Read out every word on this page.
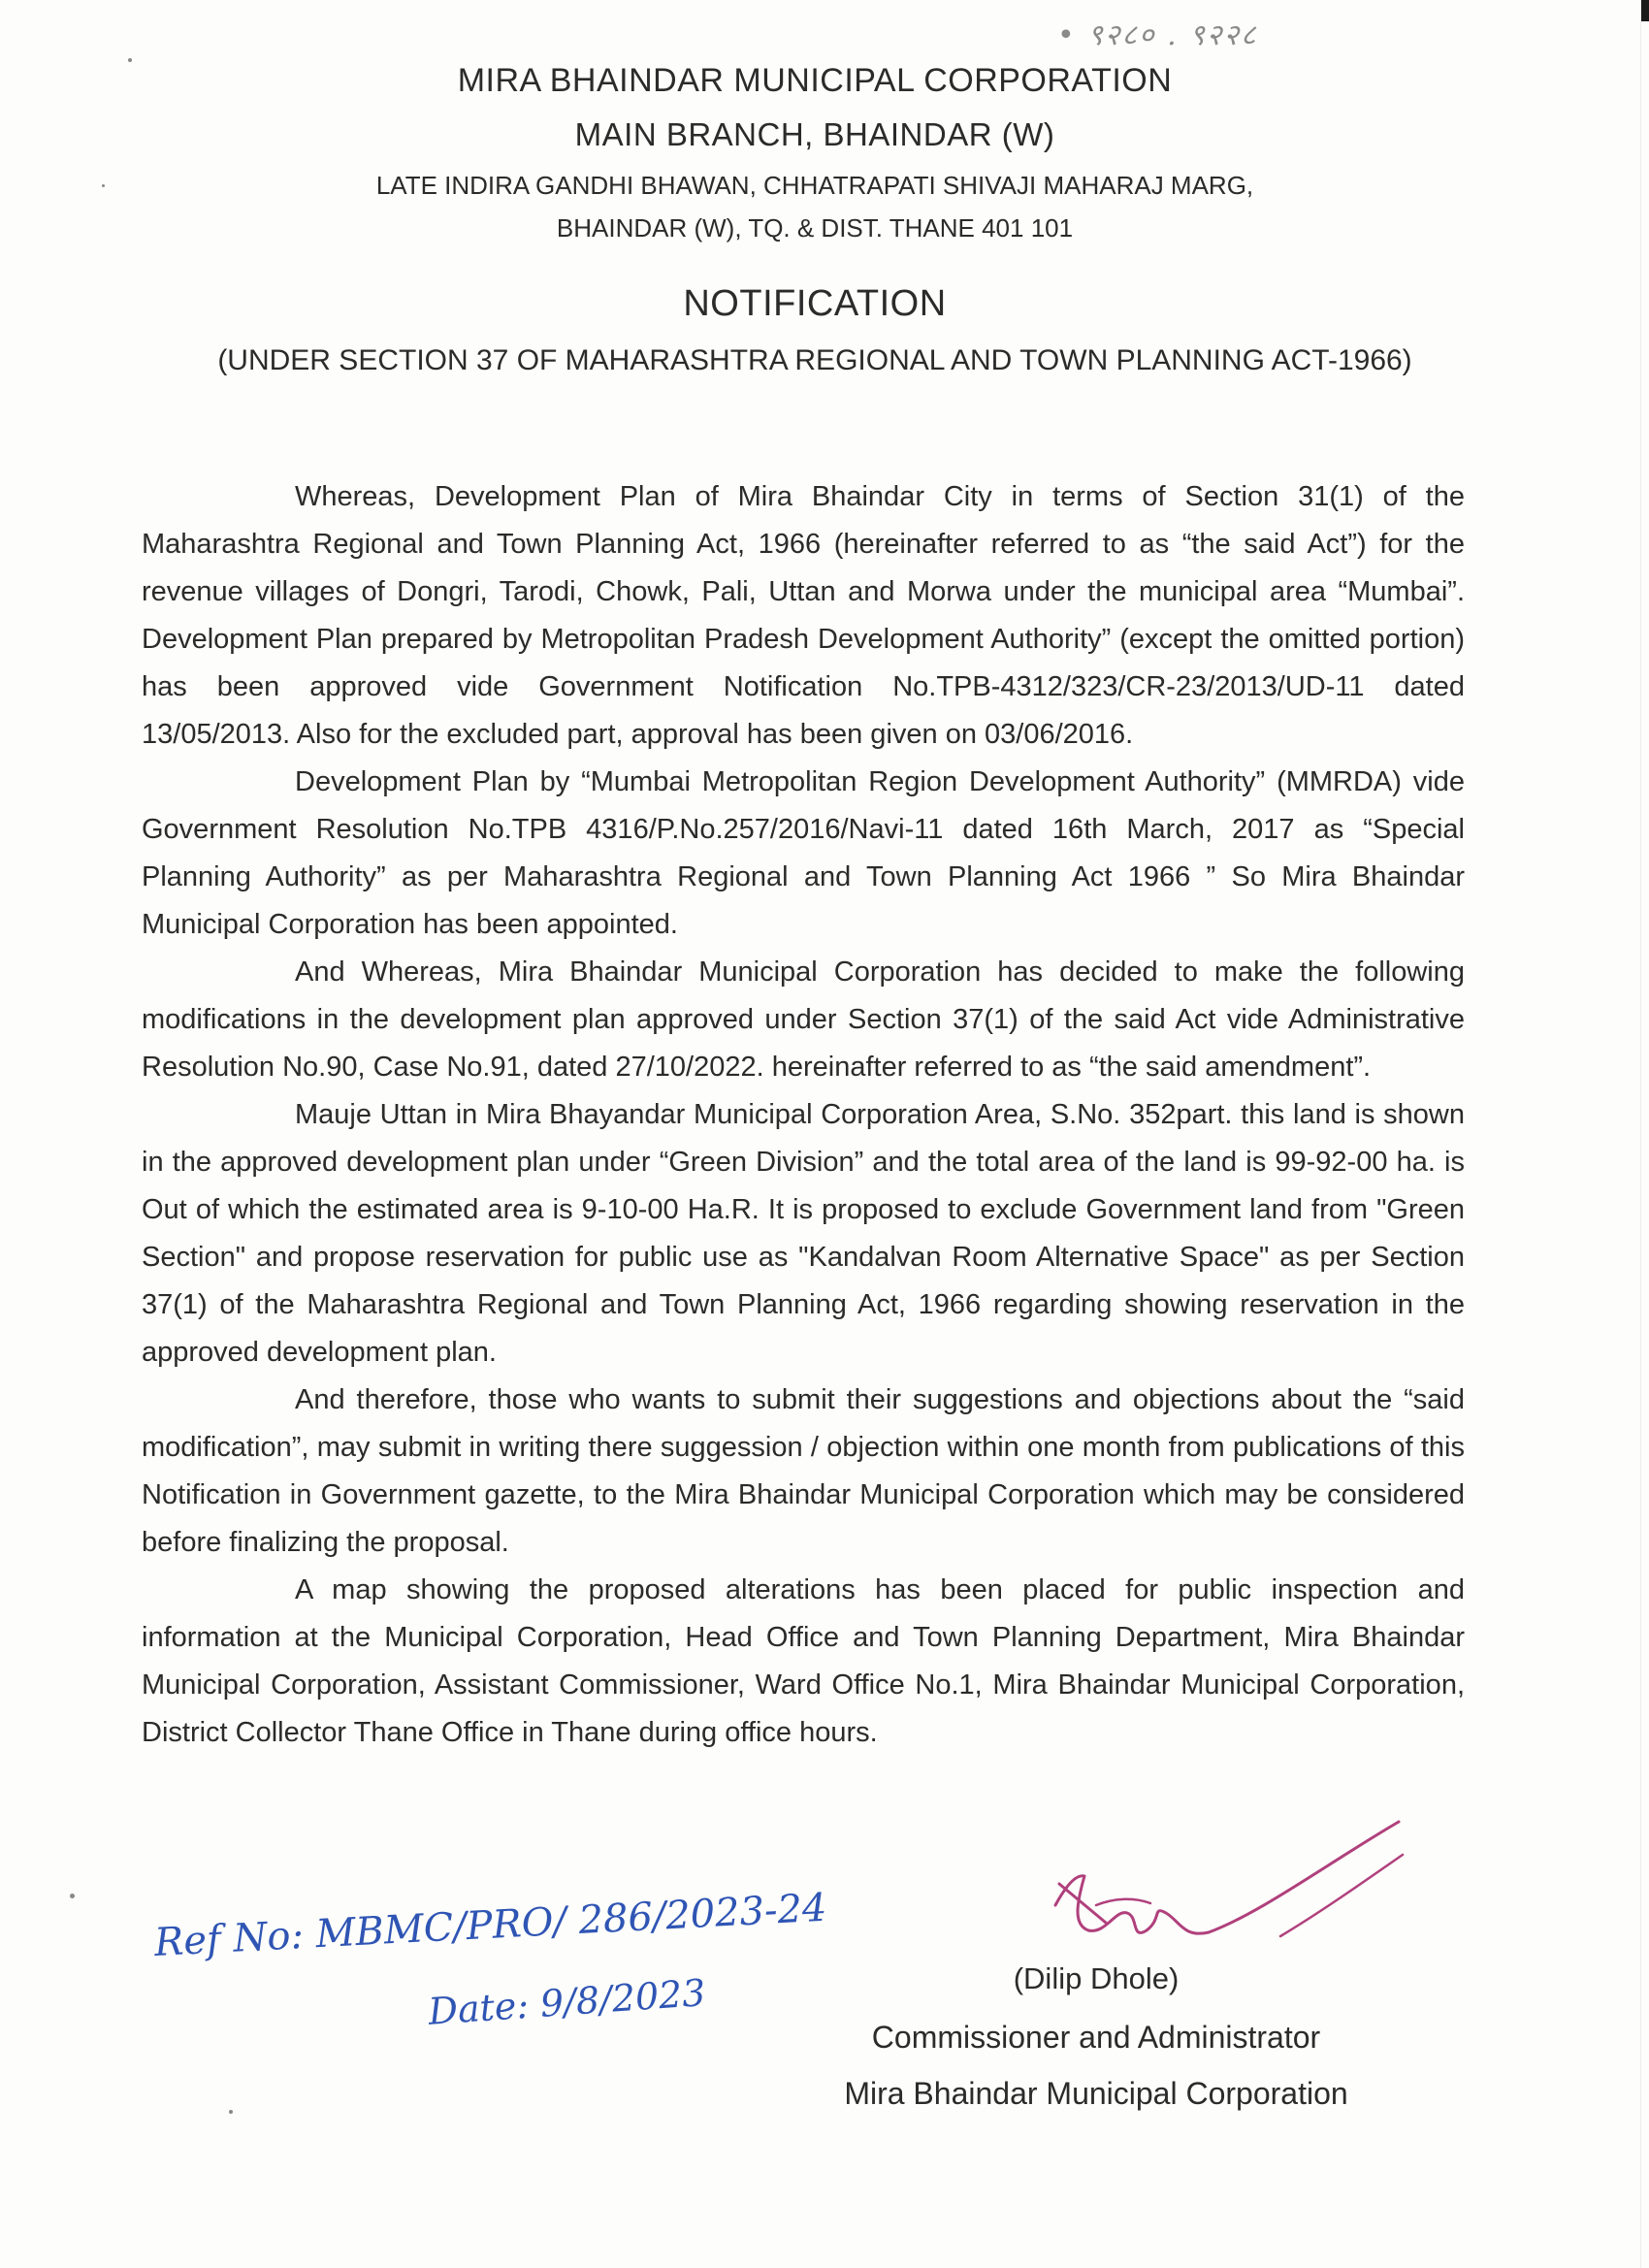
• ९२८० . ९२२८
MIRA BHAINDAR MUNICIPAL CORPORATION
MAIN BRANCH, BHAINDAR (W)
LATE INDIRA GANDHI BHAWAN, CHHATRAPATI SHIVAJI MAHARAJ MARG,
BHAINDAR (W), TQ. & DIST. THANE 401 101
NOTIFICATION
(UNDER SECTION 37 OF MAHARASHTRA REGIONAL AND TOWN PLANNING ACT-1966)

Whereas, Development Plan of Mira Bhaindar City in terms of Section 31(1) of the Maharashtra Regional and Town Planning Act, 1966 (hereinafter referred to as “the said Act”) for the revenue villages of Dongri, Tarodi, Chowk, Pali, Uttan and Morwa under the municipal area “Mumbai”. Development Plan prepared by Metropolitan Pradesh Development Authority” (except the omitted portion) has been approved vide Government Notification No.TPB-4312/323/CR-23/2013/UD-11 dated 13/05/2013. Also for the excluded part, approval has been given on 03/06/2016.

Development Plan by “Mumbai Metropolitan Region Development Authority” (MMRDA) vide Government Resolution No.TPB 4316/P.No.257/2016/Navi-11 dated 16th March, 2017 as “Special Planning Authority” as per Maharashtra Regional and Town Planning Act 1966 ” So Mira Bhaindar Municipal Corporation has been appointed.

And Whereas, Mira Bhaindar Municipal Corporation has decided to make the following modifications in the development plan approved under Section 37(1) of the said Act vide Administrative Resolution No.90, Case No.91, dated 27/10/2022. hereinafter referred to as “the said amendment”.

Mauje Uttan in Mira Bhayandar Municipal Corporation Area, S.No. 352part. this land is shown in the approved development plan under “Green Division” and the total area of the land is 99-92-00 ha. is Out of which the estimated area is 9-10-00 Ha.R. It is proposed to exclude Government land from "Green Section" and propose reservation for public use as "Kandalvan Room Alternative Space" as per Section 37(1) of the Maharashtra Regional and Town Planning Act, 1966 regarding showing reservation in the approved development plan.

And therefore, those who wants to submit their suggestions and objections about the “said modification”, may submit in writing there suggession / objection within one month from publications of this Notification in Government gazette, to the Mira Bhaindar Municipal Corporation which may be considered before finalizing the proposal.

A map showing the proposed alterations has been placed for public inspection and information at the Municipal Corporation, Head Office and Town Planning Department, Mira Bhaindar Municipal Corporation, Assistant Commissioner, Ward Office No.1, Mira Bhaindar Municipal Corporation, District Collector Thane Office in Thane during office hours.

Ref No: MBMC/PRO/ 286/2023-24
Date: 9/8/2023	(Dilip Dhole)
Commissioner and Administrator
Mira Bhaindar Municipal Corporation
